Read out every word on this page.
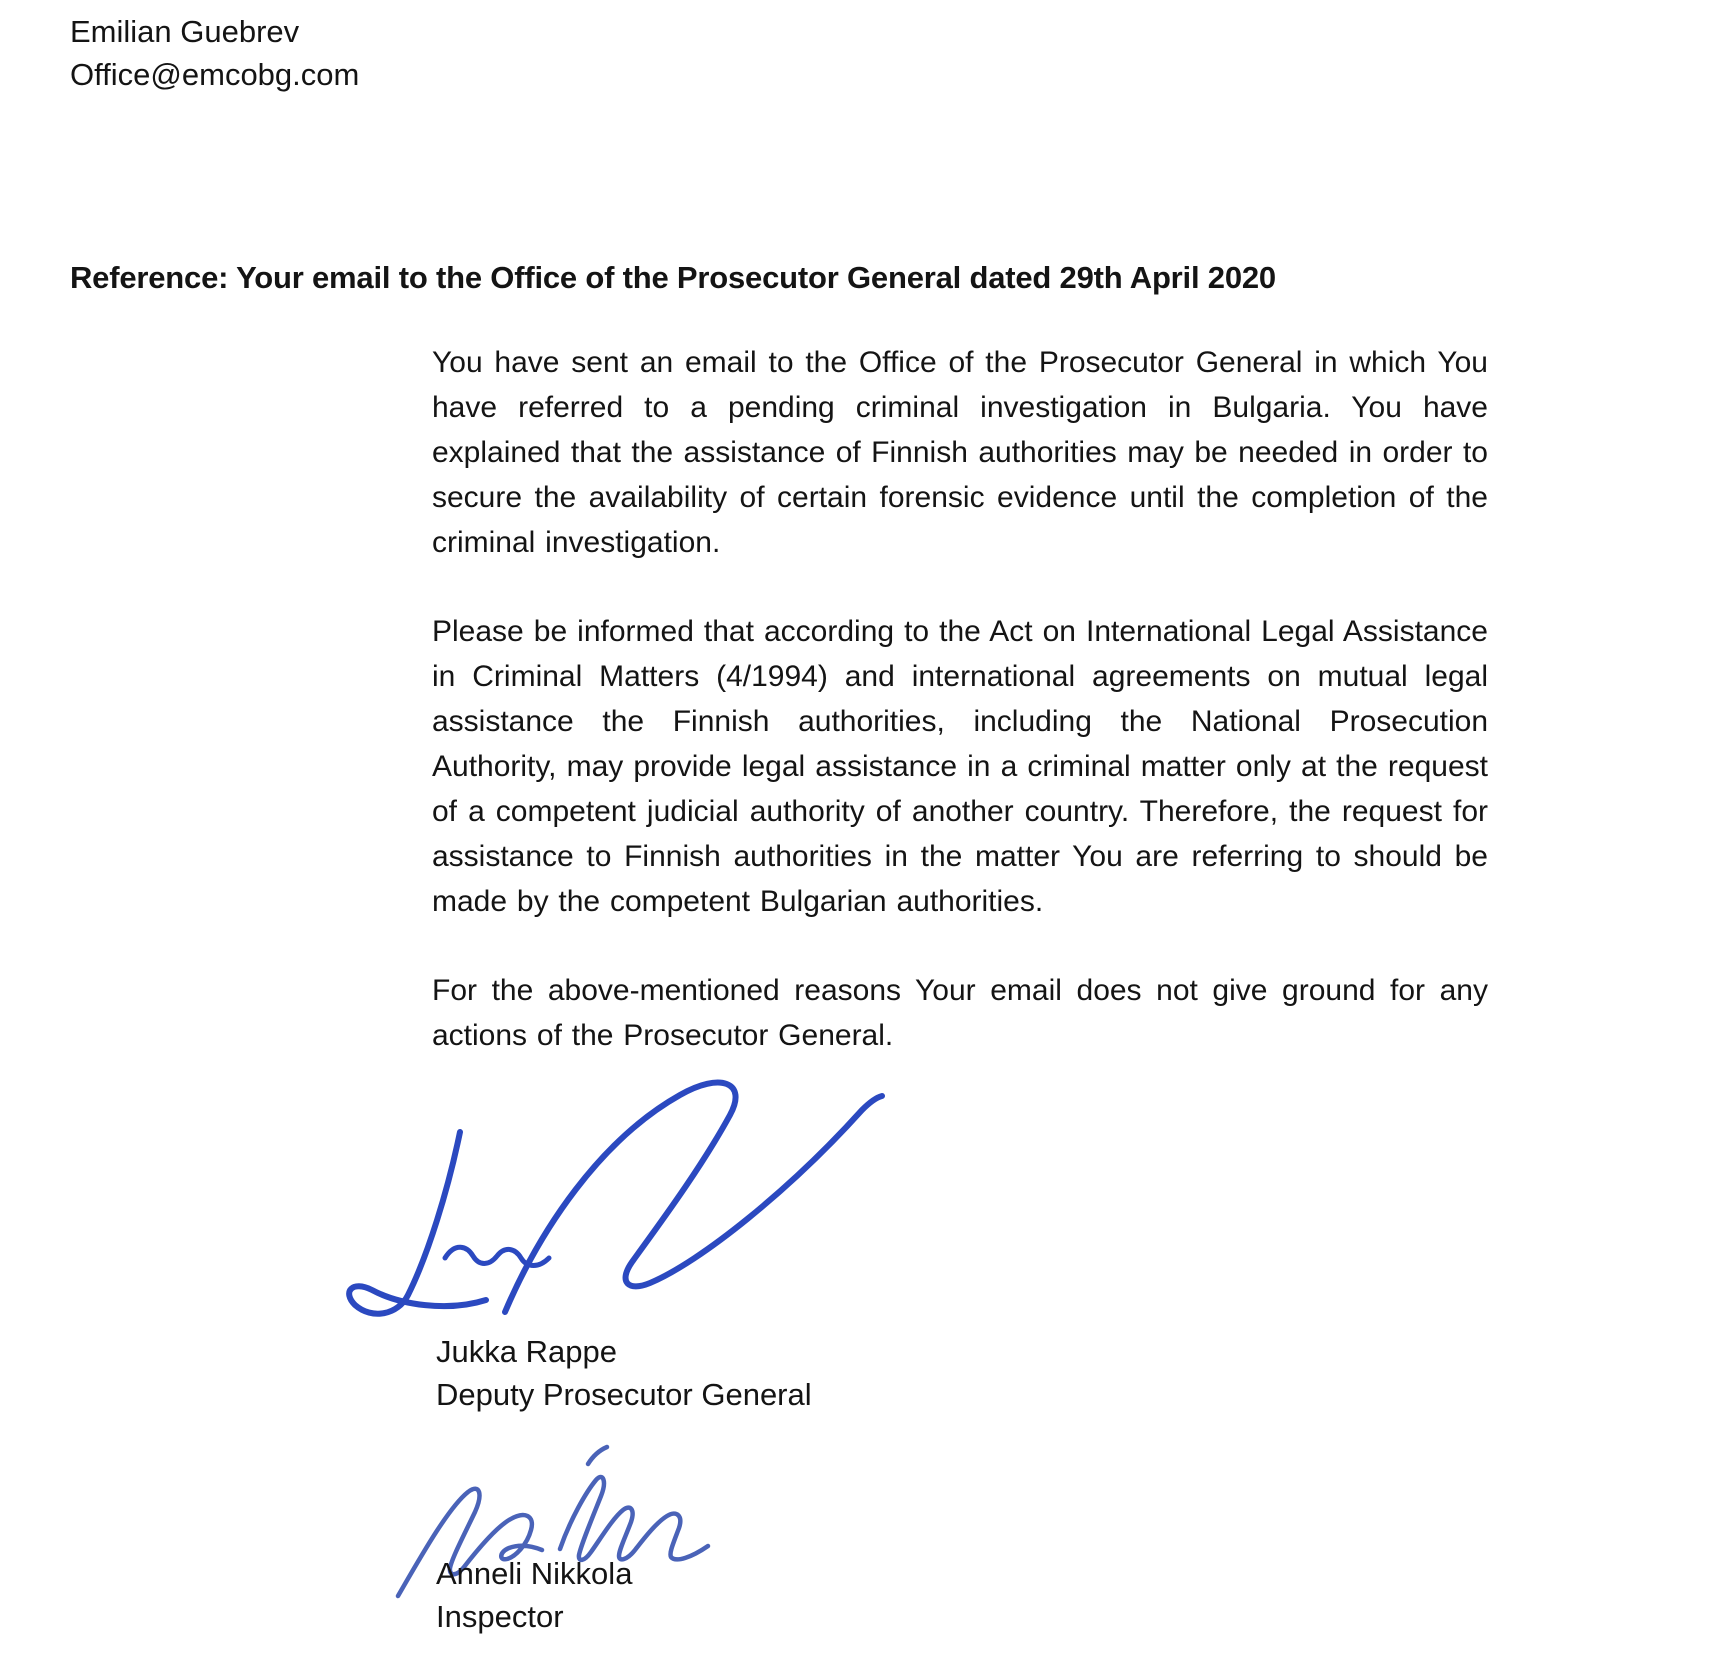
Emilian Guebrev
Office@emcobg.com
Reference: Your email to the Office of the Prosecutor General dated 29th April 2020

You have sent an email to the Office of the Prosecutor General in which You have referred to a pending criminal investigation in Bulgaria. You have explained that the assistance of Finnish authorities may be needed in order to secure the availability of certain forensic evidence until the completion of the criminal investigation.

Please be informed that according to the Act on International Legal Assistance in Criminal Matters (4/1994) and international agreements on mutual legal assistance the Finnish authorities, including the National Prosecution Authority, may provide legal assistance in a criminal matter only at the request of a competent judicial authority of another country. Therefore, the request for assistance to Finnish authorities in the matter You are referring to should be made by the competent Bulgarian authorities.

For the above-mentioned reasons Your email does not give ground for any actions of the Prosecutor General.

Jukka Rappe
Deputy Prosecutor General
Anneli Nikkola
Inspector
